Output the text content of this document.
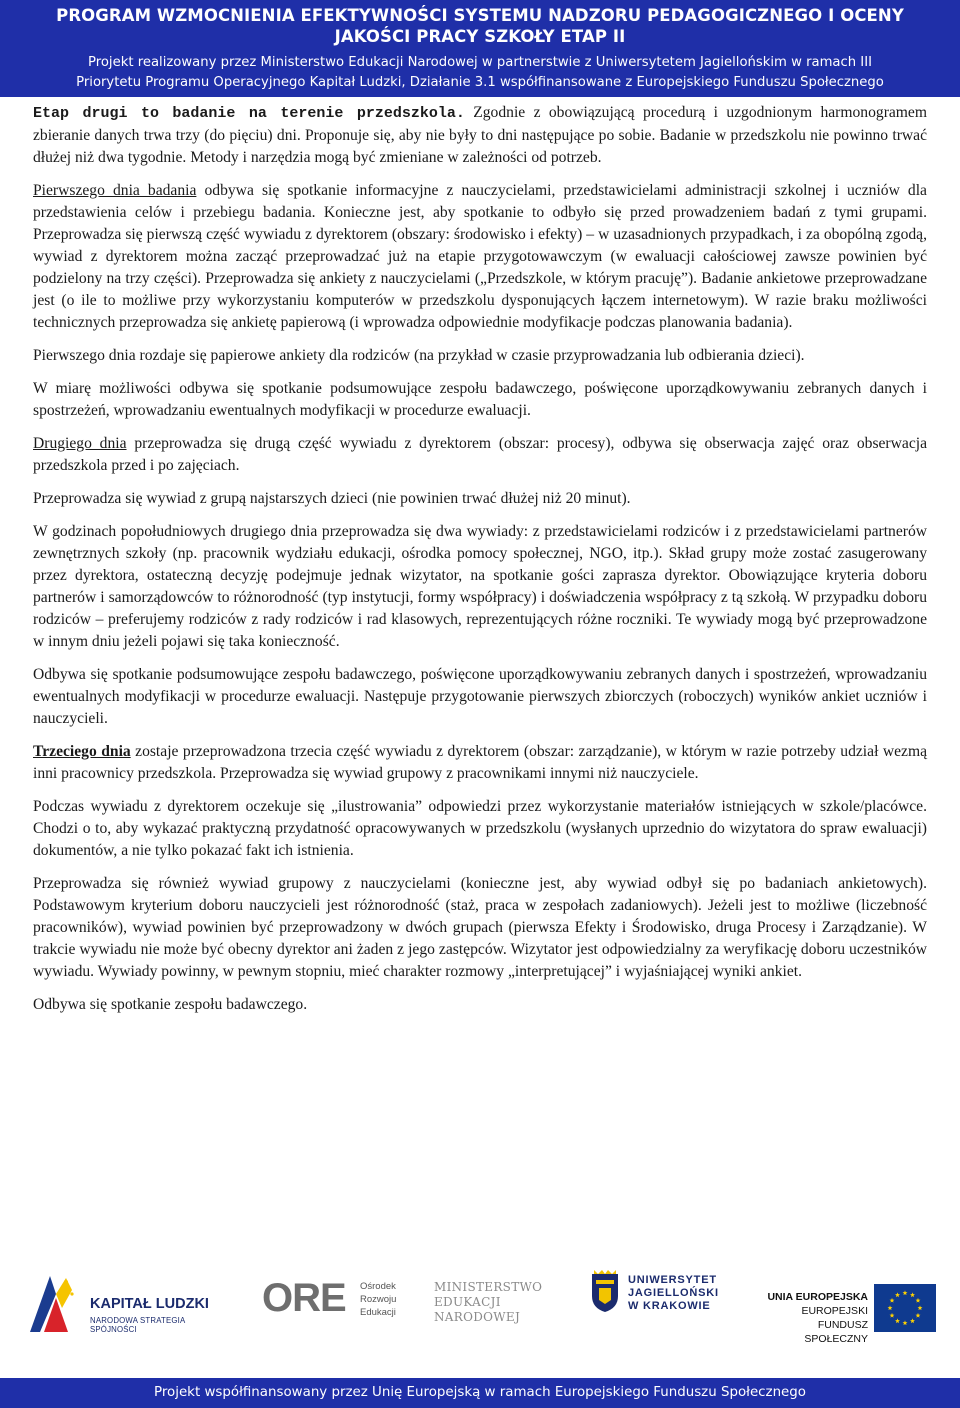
PROGRAM WZMOCNIENIA EFEKTYWNOŚCI SYSTEMU NADZORU PEDAGOGICZNEGO I OCENY
JAKOŚCI PRACY SZKOŁY ETAP II
Projekt realizowany przez Ministerstwo Edukacji Narodowej w partnerstwie z Uniwersytetem Jagiellońskim w ramach III
Priorytetu Programu Operacyjnego Kapitał Ludzki, Działanie 3.1 współfinansowane z Europejskiego Funduszu Społecznego

Etap drugi to badanie na terenie przedszkola. Zgodnie z obowiązującą procedurą i uzgodnionym harmonogramem zbieranie danych trwa trzy (do pięciu) dni. Proponuje się, aby nie były to dni następujące po sobie. Badanie w przedszkolu nie powinno trwać dłużej niż dwa tygodnie. Metody i narzędzia mogą być zmieniane w zależności od potrzeb.

Pierwszego dnia badania odbywa się spotkanie informacyjne z nauczycielami, przedstawicielami administracji szkolnej i uczniów dla przedstawienia celów i przebiegu badania. Konieczne jest, aby spotkanie to odbyło się przed prowadzeniem badań z tymi grupami. Przeprowadza się pierwszą część wywiadu z dyrektorem (obszary: środowisko i efekty) – w uzasadnionych przypadkach, i za obopólną zgodą, wywiad z dyrektorem można zacząć przeprowadzać już na etapie przygotowawczym (w ewaluacji całościowej zawsze powinien być podzielony na trzy części). Przeprowadza się ankiety z nauczycielami („Przedszkole, w którym pracuję”). Badanie ankietowe przeprowadzane jest (o ile to możliwe przy wykorzystaniu komputerów w przedszkolu dysponujących łączem internetowym). W razie braku możliwości technicznych przeprowadza się ankietę papierową (i wprowadza odpowiednie modyfikacje podczas planowania badania).

Pierwszego dnia rozdaje się papierowe ankiety dla rodziców (na przykład w czasie przyprowadzania lub odbierania dzieci).

W miarę możliwości odbywa się spotkanie podsumowujące zespołu badawczego, poświęcone uporządkowywaniu zebranych danych i spostrzeżeń, wprowadzaniu ewentualnych modyfikacji w procedurze ewaluacji.

Drugiego dnia przeprowadza się drugą część wywiadu z dyrektorem (obszar: procesy), odbywa się obserwacja zajęć oraz obserwacja przedszkola przed i po zajęciach.

Przeprowadza się wywiad z grupą najstarszych dzieci (nie powinien trwać dłużej niż 20 minut).

W godzinach popołudniowych drugiego dnia przeprowadza się dwa wywiady: z przedstawicielami rodziców i z przedstawicielami partnerów zewnętrznych szkoły (np. pracownik wydziału edukacji, ośrodka pomocy społecznej, NGO, itp.). Skład grupy może zostać zasugerowany przez dyrektora, ostateczną decyzję podejmuje jednak wizytator, na spotkanie gości zaprasza dyrektor. Obowiązujące kryteria doboru partnerów i samorządowców to różnorodność (typ instytucji, formy współpracy) i doświadczenia współpracy z tą szkołą. W przypadku doboru rodziców – preferujemy rodziców z rady rodziców i rad klasowych, reprezentujących różne roczniki. Te wywiady mogą być przeprowadzone w innym dniu jeżeli pojawi się taka konieczność.

Odbywa się spotkanie podsumowujące zespołu badawczego, poświęcone uporządkowywaniu zebranych danych i spostrzeżeń, wprowadzaniu ewentualnych modyfikacji w procedurze ewaluacji. Następuje przygotowanie pierwszych zbiorczych (roboczych) wyników ankiet uczniów i nauczycieli.

Trzeciego dnia zostaje przeprowadzona trzecia część wywiadu z dyrektorem (obszar: zarządzanie), w którym w razie potrzeby udział wezmą inni pracownicy przedszkola. Przeprowadza się wywiad grupowy z pracownikami innymi niż nauczyciele.

Podczas wywiadu z dyrektorem oczekuje się „ilustrowania” odpowiedzi przez wykorzystanie materiałów istniejących w szkole/placówce. Chodzi o to, aby wykazać praktyczną przydatność opracowywanych w przedszkolu (wysłanych uprzednio do wizytatora do spraw ewaluacji) dokumentów, a nie tylko pokazać fakt ich istnienia.

Przeprowadza się również wywiad grupowy z nauczycielami (konieczne jest, aby wywiad odbył się po badaniach ankietowych). Podstawowym kryterium doboru nauczycieli jest różnorodność (staż, praca w zespołach zadaniowych). Jeżeli jest to możliwe (liczebność pracowników), wywiad powinien być przeprowadzony w dwóch grupach (pierwsza Efekty i Środowisko, druga Procesy i Zarządzanie). W trakcie wywiadu nie może być obecny dyrektor ani żaden z jego zastępców. Wizytator jest odpowiedzialny za weryfikację doboru uczestników wywiadu. Wywiady powinny, w pewnym stopniu, mieć charakter rozmowy „interpretującej” i wyjaśniającej wyniki ankiet.

Odbywa się spotkanie zespołu badawczego.

KAPITAŁ LUDZKI
NARODOWA STRATEGIA SPÓJNOŚCI
ORE Ośrodek
Rozwoju
Edukacji
MINISTERSTWO
EDUKACJI
NARODOWEJ
UNIWERSYTET
JAGIELLOŃSKI
W KRAKOWIE
UNIA EUROPEJSKA
EUROPEJSKI
FUNDUSZ SPOŁECZNY
Projekt współfinansowany przez Unię Europejską w ramach Europejskiego Funduszu Społecznego
